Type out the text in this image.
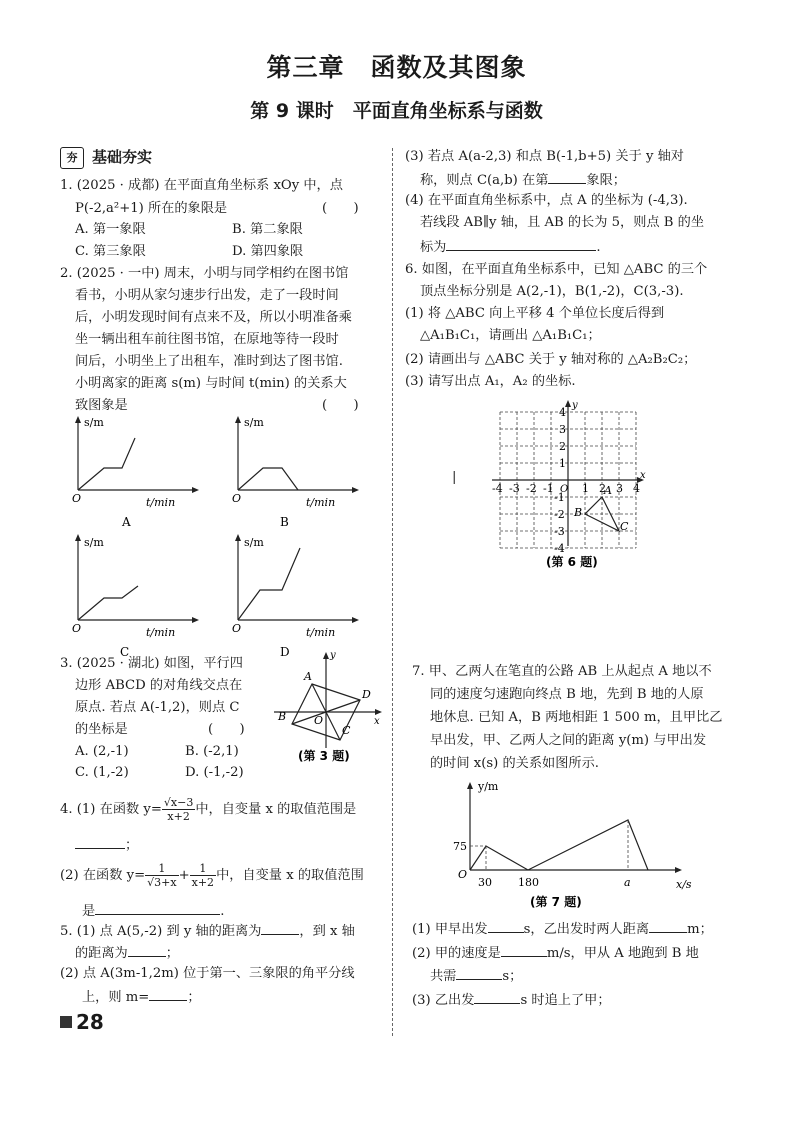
第三章　函数及其图象
第 9 课时　平面直角坐标系与函数
夯 基础夯实
1. (2025 · 成都) 在平面直角坐标系 xOy 中，点
P(-2,a²+1) 所在的象限是	(　　)
A. 第一象限	B. 第二象限
C. 第三象限	D. 第四象限
2. (2025 · 一中) 周末，小明与同学相约在图书馆
看书，小明从家匀速步行出发，走了一段时间
后，小明发现时间有点来不及，所以小明准备乘
坐一辆出租车前往图书馆，在原地等待一段时
间后，小明坐上了出租车，准时到达了图书馆.
小明离家的距离 s(m) 与时间 t(min) 的关系大
致图象是	(　　)
s/m
t/min
O
A
s/m
t/min
O
B
s/m
t/min
O
C
s/m
t/min
O
D
3. (2025 · 湖北) 如图，平行四
边形 ABCD 的对角线交点在
原点. 若点 A(-1,2)，则点 C
的坐标是	(　　)
A. (2,-1)	B. (-2,1)
C. (1,-2)	D. (-1,-2)
A
D
B
C
O	x
y
(第 3 题)
4. (1) 在函数 $y= \frac{√x-3}{x+2}$ 中，自变量 x 的取值范围是
；
(2) 在函数 $y= \frac{1}{√3+x} + \frac{1}{x+2}$ 中，自变量 x 的取值范围
是	.
5. (1) 点 A(5,-2) 到 y 轴的距离为	，到 x 轴
的距离为	；
(2) 点 A(3m-1,2m) 位于第一、三象限的角平分线
上，则 m=	；
28
(3) 若点 A(a-2,3) 和点 B(-1,b+5) 关于 y 轴对
称，则点 C(a,b) 在第	象限；
(4) 在平面直角坐标系中，点 A 的坐标为 (-4,3).
若线段 AB∥y 轴，且 AB 的长为 5，则点 B 的坐
标为	.
6. 如图，在平面直角坐标系中，已知 △ABC 的三个
顶点坐标分别是 A(2,-1)，B(1,-2)，C(3,-3).
(1) 将 △ABC 向上平移 4 个单位长度后得到
△A₁B₁C₁，请画出 △A₁B₁C₁；
(2) 请画出与 △ABC 关于 y 轴对称的 △A₂B₂C₂；
(3) 请写出点 A₁，A₂ 的坐标.
|
-4 -3 -2 -1	1 2 3 4
4
3
2
1
-1
-2
-3
-4
A
B
C
O
x
y
(第 6 题)
7. 甲、乙两人在笔直的公路 AB 上从起点 A 地以不
同的速度匀速跑向终点 B 地，先到 B 地的人原
地休息. 已知 A，B 两地相距 1 500 m，且甲比乙
早出发，甲、乙两人之间的距离 y(m) 与甲出发
的时间 x(s) 的关系如图所示.
y/m
x/s
O
75
30 180	a
(第 7 题)
(1) 甲早出发	s，乙出发时两人距离	m；
(2) 甲的速度是	m/s，甲从 A 地跑到 B 地
共需	s；
(3) 乙出发	s 时追上了甲；
